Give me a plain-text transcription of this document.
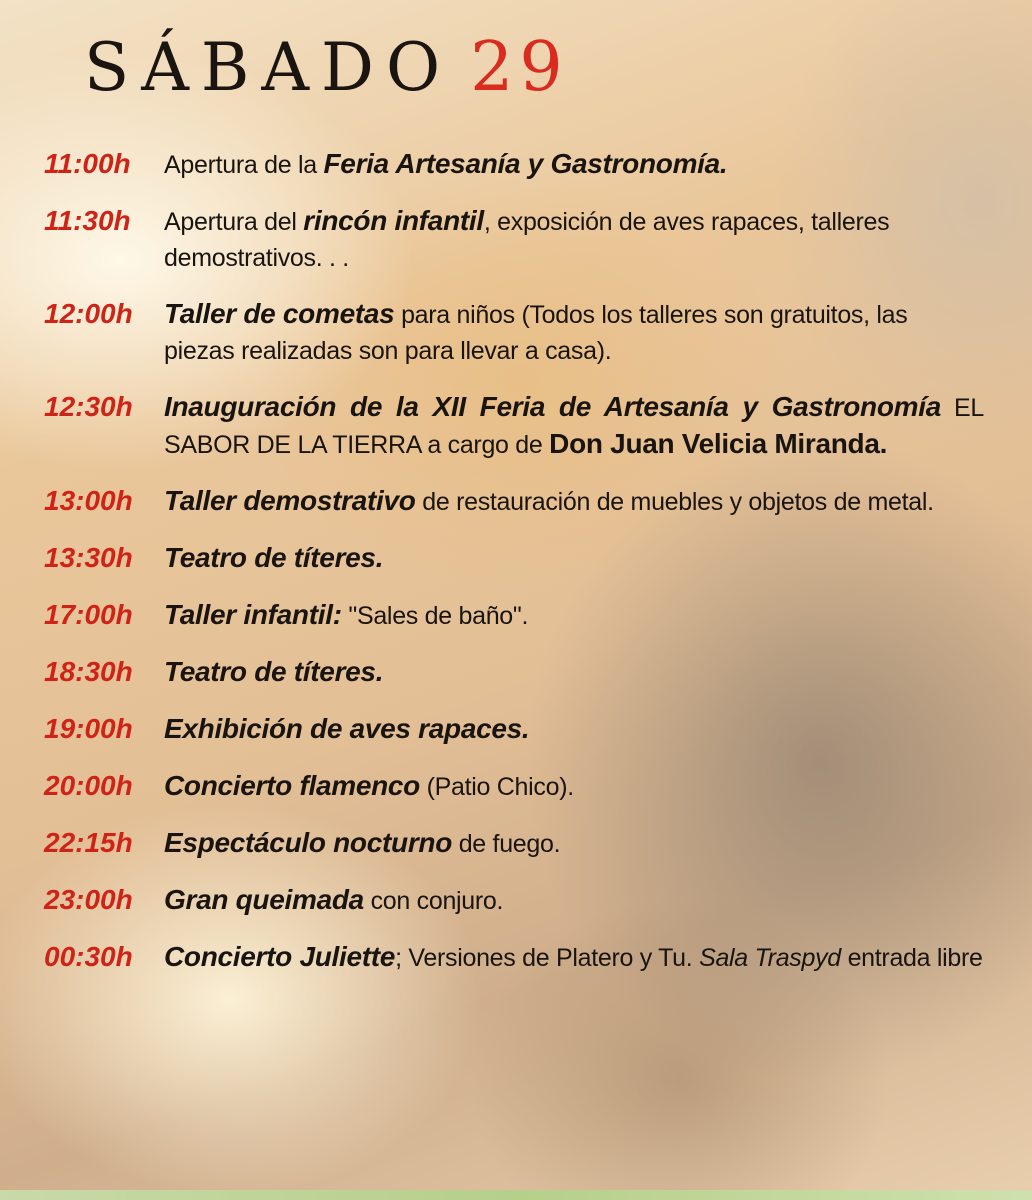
SÁBADO 29
11:00h	Apertura de la Feria Artesanía y Gastronomía.
11:30h	Apertura del rincón infantil, exposición de aves rapaces, talleres demostrativos. . .
12:00h	Taller de cometas para niños (Todos los talleres son gratuitos, las piezas realizadas son para llevar a casa).
12:30h	Inauguración de la XII Feria de Artesanía y Gastronomía EL SABOR DE LA TIERRA a cargo de Don Juan Velicia Miranda.
13:00h	Taller demostrativo de restauración de muebles y objetos de metal.
13:30h	Teatro de títeres.
17:00h	Taller infantil: "Sales de baño".
18:30h	Teatro de títeres.
19:00h	Exhibición de aves rapaces.
20:00h	Concierto flamenco (Patio Chico).
22:15h	Espectáculo nocturno de fuego.
23:00h	Gran queimada con conjuro.
00:30h	Concierto Juliette; Versiones de Platero y Tu. Sala Traspyd entrada libre
